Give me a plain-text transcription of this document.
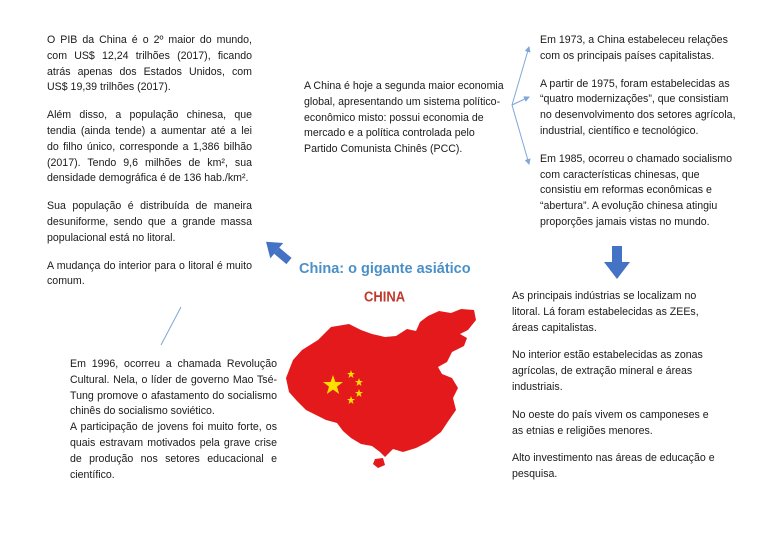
CHINA
China: o gigante asiático

O PIB da China é o 2º maior do mundo, com US$ 12,24 trilhões (2017), ficando atrás apenas dos Estados Unidos, com US$ 19,39 trilhões (2017).

Além disso, a população chinesa, que tendia (ainda tende) a aumentar até a lei do filho único, corresponde a 1,386 bilhão (2017). Tendo 9,6 milhões de km², sua densidade demográfica é de 136 hab./km².

Sua população é distribuída de maneira desuniforme, sendo que a grande massa populacional está no litoral.

A mudança do interior para o litoral é muito comum.

A China é hoje a segunda maior economia global, apresentando um sistema político-econômico misto: possui economia de mercado e a política controlada pelo Partido Comunista Chinês (PCC).

Em 1973, a China estabeleceu relações com os principais países capitalistas.

A partir de 1975, foram estabelecidas as “quatro modernizações”, que consistiam no desenvolvimento dos setores agrícola, industrial, científico e tecnológico.

Em 1985, ocorreu o chamado socialismo com características chinesas, que consistiu em reformas econômicas e “abertura”. A evolução chinesa atingiu proporções jamais vistas no mundo.

As principais indústrias se localizam no litoral. Lá foram estabelecidas as ZEEs, áreas capitalistas.

No interior estão estabelecidas as zonas agrícolas, de extração mineral e áreas industriais.

No oeste do país vivem os camponeses e as etnias e religiões menores.

Alto investimento nas áreas de educação e pesquisa.

Em 1996, ocorreu a chamada Revolução Cultural. Nela, o líder de governo Mao Tsé-Tung promove o afastamento do socialismo chinês do socialismo soviético.

A participação de jovens foi muito forte, os quais estravam motivados pela grave crise de produção nos setores educacional e científico.
